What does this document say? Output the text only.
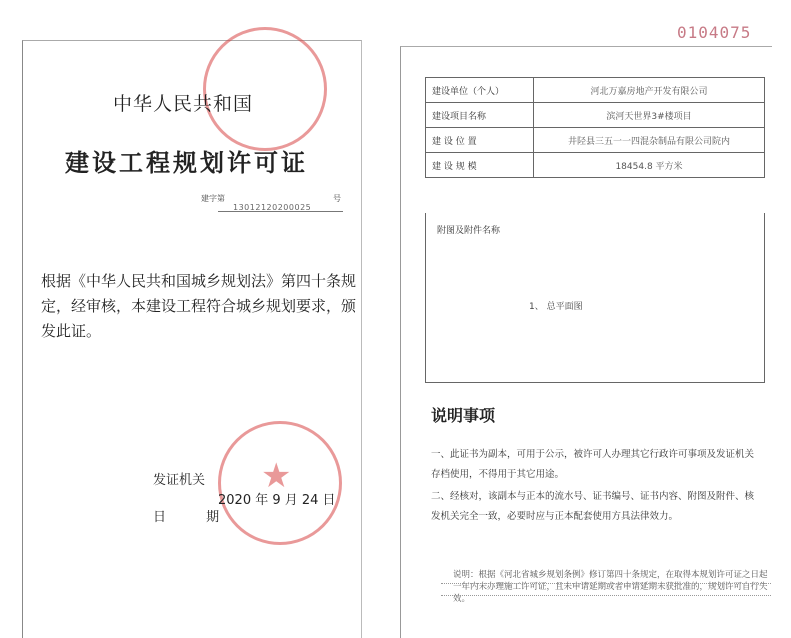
0104075
中华人民共和国
建设工程规划许可证
建字第
13012120200025
号
根据《中华人民共和国城乡规划法》第四十条规定，经审核，本建设工程符合城乡规划要求，颁发此证。
★
发证机关
2020 年 9 月 24 日
日 期
建设单位（个人）	河北万嘉房地产开发有限公司
建设项目名称	滨河天世界3#楼项目
建 设 位 置	井陉县三五一一四混杂制品有限公司院内
建 设 规 模	18454.8 平方米
附图及附件名称
1、 总平面图
说明事项
一、此证书为副本，可用于公示，被许可人办理其它行政许可事项及发证机关存档使用，不得用于其它用途。
二、经核对，该副本与正本的流水号、证书编号、证书内容、附图及附件、核发机关完全一致，必要时应与正本配套使用方具法律效力。
说明：根据《河北省城乡规划条例》修订第四十条规定，在取得本规划许可证之日起一年内未办理施工许可证，且未申请延期或者申请延期未获批准的，规划许可自行失效。
